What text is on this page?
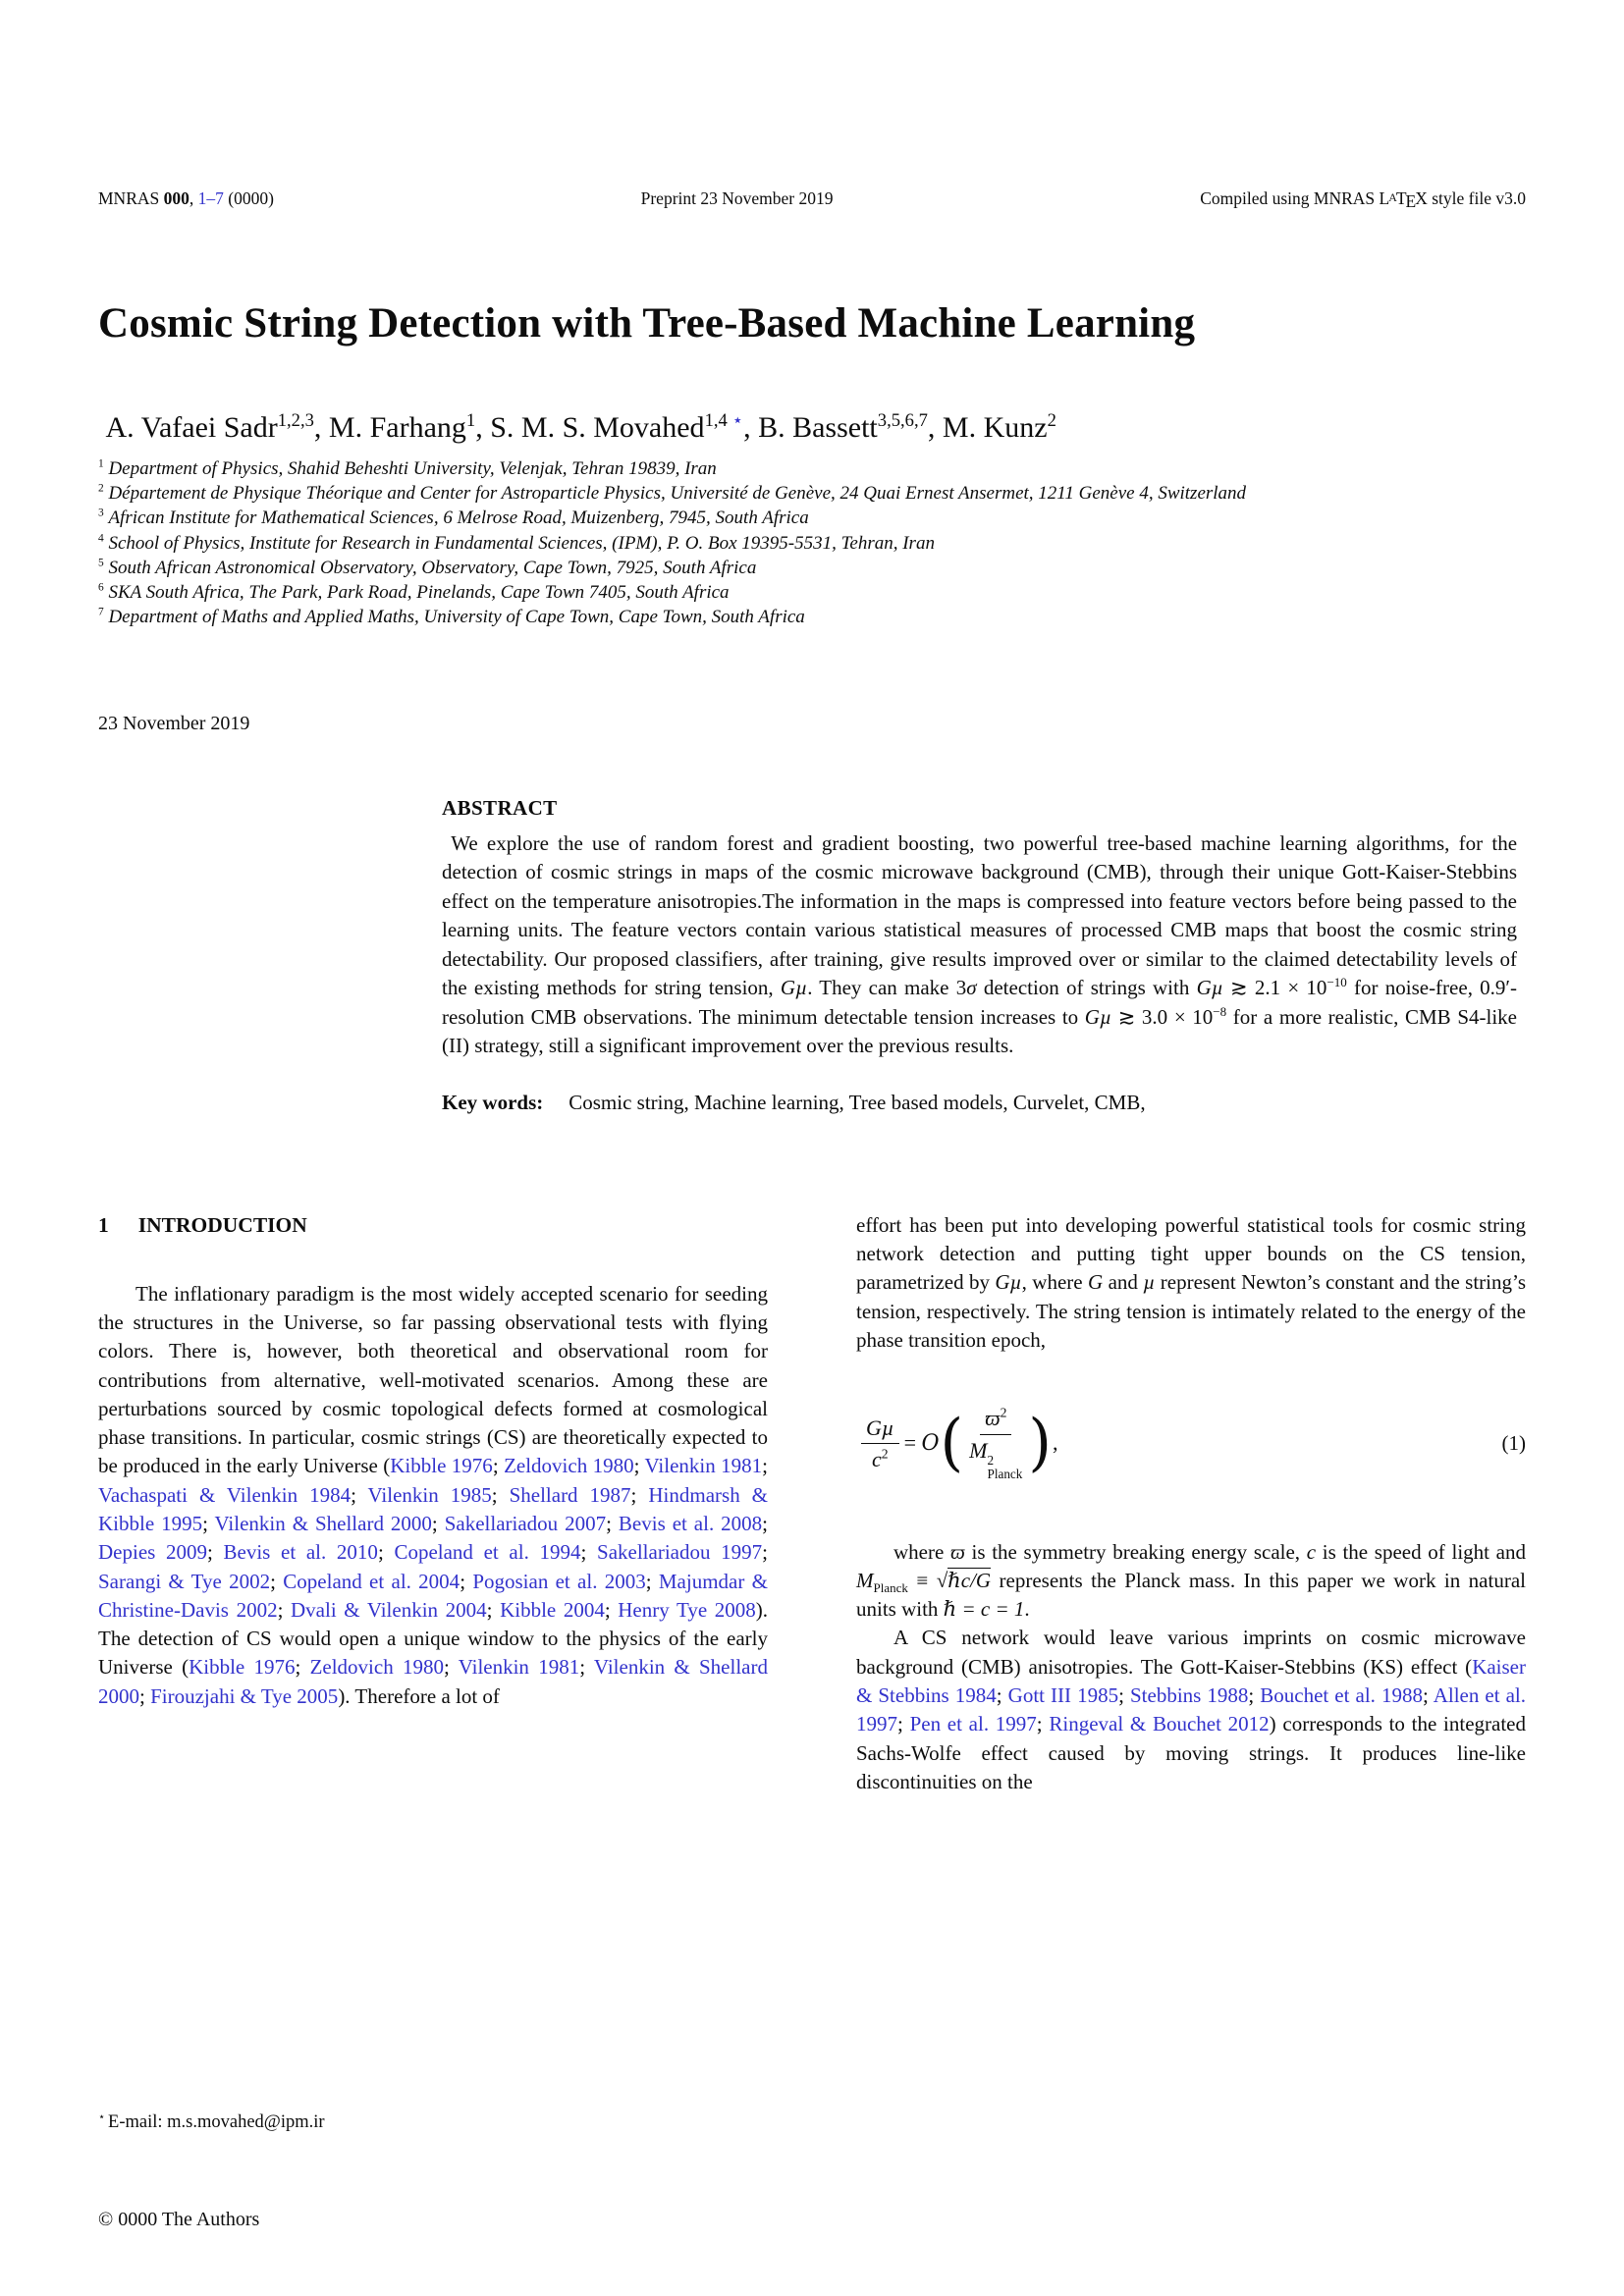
MNRAS 000, 1–7 (0000)	Preprint 23 November 2019	Compiled using MNRAS LATEX style file v3.0
Cosmic String Detection with Tree-Based Machine Learning
A. Vafaei Sadr$^{1,2,3}$, M. Farhang$^1$, S. M. S. Movahed$^{1,4}$ ⋆, B. Bassett$^{3,5,6,7}$, M. Kunz$^2$
$^1$ Department of Physics, Shahid Beheshti University, Velenjak, Tehran 19839, Iran
$^2$ Département de Physique Théorique and Center for Astroparticle Physics, Université de Genève, 24 Quai Ernest Ansermet, 1211 Genève 4, Switzerland
$^3$ African Institute for Mathematical Sciences, 6 Melrose Road, Muizenberg, 7945, South Africa
$^4$ School of Physics, Institute for Research in Fundamental Sciences, (IPM), P. O. Box 19395-5531, Tehran, Iran
$^5$ South African Astronomical Observatory, Observatory, Cape Town, 7925, South Africa
$^6$ SKA South Africa, The Park, Park Road, Pinelands, Cape Town 7405, South Africa
$^7$ Department of Maths and Applied Maths, University of Cape Town, Cape Town, South Africa
23 November 2019
ABSTRACT
We explore the use of random forest and gradient boosting, two powerful tree-based machine learning algorithms, for the detection of cosmic strings in maps of the cosmic microwave background (CMB), through their unique Gott-Kaiser-Stebbins effect on the temperature anisotropies.The information in the maps is compressed into feature vectors before being passed to the learning units. The feature vectors contain various statistical measures of processed CMB maps that boost the cosmic string detectability. Our proposed classifiers, after training, give results improved over or similar to the claimed detectability levels of the existing methods for string tension, Gµ. They can make 3σ detection of strings with Gµ ≳ $2.1 \times 10^{-10}$ for noise-free, 0.9′-resolution CMB observations. The minimum detectable tension increases to Gµ ≳ $3.0 \times 10^{-8}$ for a more realistic, CMB S4-like (II) strategy, still a significant improvement over the previous results.
Key words: Cosmic string, Machine learning, Tree based models, Curvelet, CMB,
1 INTRODUCTION

The inflationary paradigm is the most widely accepted scenario for seeding the structures in the Universe, so far passing observational tests with flying colors. There is, however, both theoretical and observational room for contributions from alternative, well-motivated scenarios. Among these are perturbations sourced by cosmic topological defects formed at cosmological phase transitions. In particular, cosmic strings (CS) are theoretically expected to be produced in the early Universe (Kibble 1976; Zeldovich 1980; Vilenkin 1981; Vachaspati & Vilenkin 1984; Vilenkin 1985; Shellard 1987; Hindmarsh & Kibble 1995; Vilenkin & Shellard 2000; Sakellariadou 2007; Bevis et al. 2008; Depies 2009; Bevis et al. 2010; Copeland et al. 1994; Sakellariadou 1997; Sarangi & Tye 2002; Copeland et al. 2004; Pogosian et al. 2003; Majumdar & Christine-Davis 2002; Dvali & Vilenkin 2004; Kibble 2004; Henry Tye 2008). The detection of CS would open a unique window to the physics of the early Universe (Kibble 1976; Zeldovich 1980; Vilenkin 1981; Vilenkin & Shellard 2000; Firouzjahi & Tye 2005). Therefore a lot of

effort has been put into developing powerful statistical tools for cosmic string network detection and putting tight upper bounds on the CS tension, parametrized by Gµ, where G and µ represent Newton’s constant and the string’s tension, respectively. The string tension is intimately related to the energy of the phase transition epoch,

$\frac{\text{Gµ}}{c^2} = O$ ( $ϖ^2$
M 2
Planck ) ,	(1)

where ϖ is the symmetry breaking energy scale, c is the speed of light and $M_{Planck}$ ≡ √ℏc/G represents the Planck mass. In this paper we work in natural units with ℏ = c = 1.

A CS network would leave various imprints on cosmic microwave background (CMB) anisotropies. The Gott-Kaiser-Stebbins (KS) effect (Kaiser & Stebbins 1984; Gott III 1985; Stebbins 1988; Bouchet et al. 1988; Allen et al. 1997; Pen et al. 1997; Ringeval & Bouchet 2012) corresponds to the integrated Sachs-Wolfe effect caused by moving strings. It produces line-like discontinuities on the

⋆ E-mail: m.s.movahed@ipm.ir
© 0000 The Authors
